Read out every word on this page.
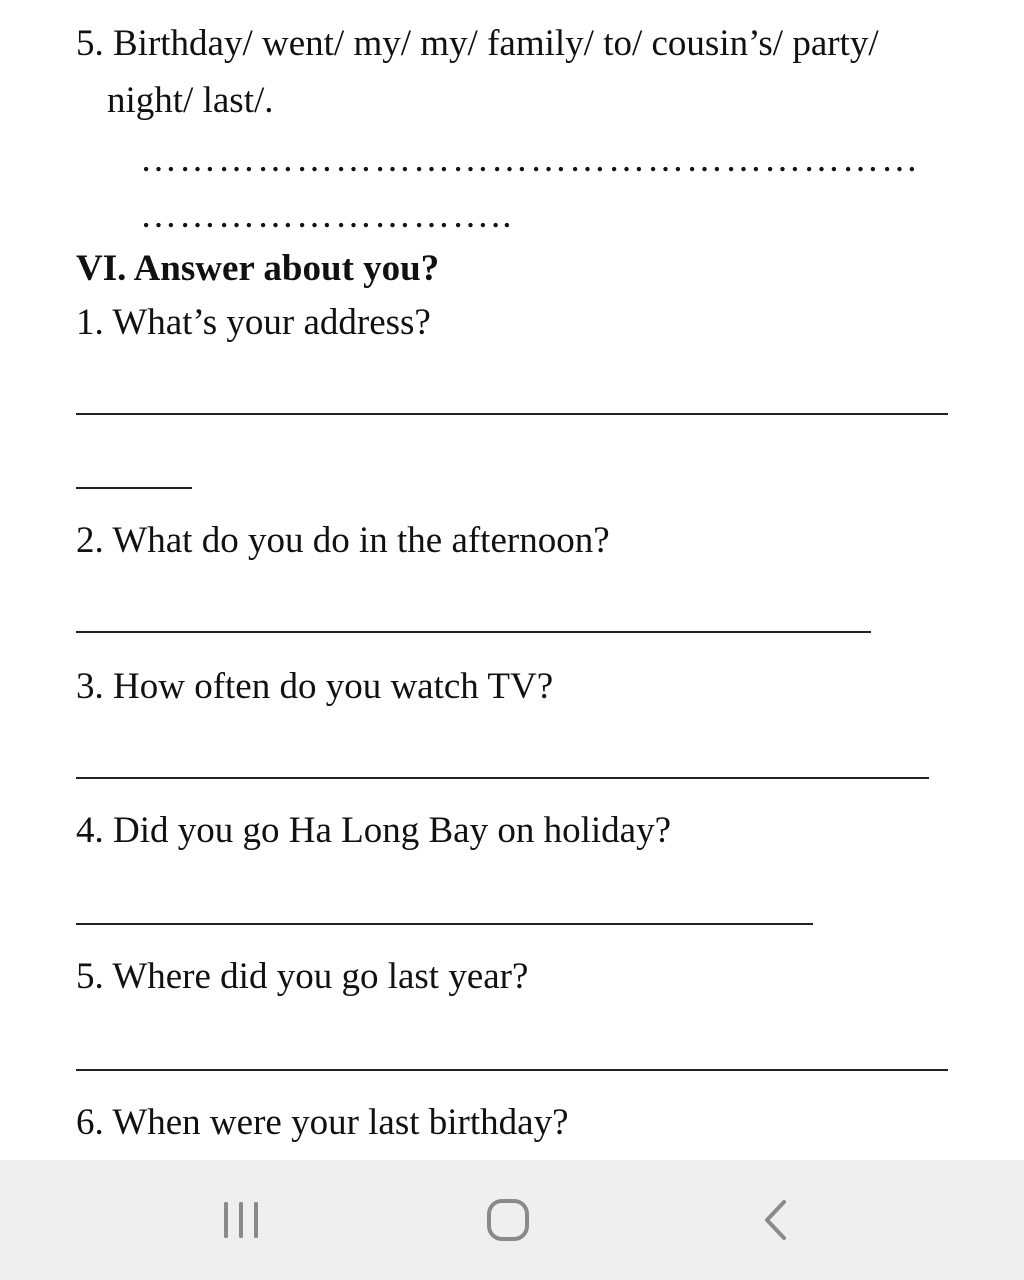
5. Birthday/ went/ my/ my/ family/ to/ cousin’s/ party/
night/ last/.
……………………………………………………
………………………..
VI. Answer about you?
1. What’s your address?
2. What do you do in the afternoon?
3. How often do you watch TV?
4. Did you go Ha Long Bay on holiday?
5. Where did you go last year?
6. When were your last birthday?
